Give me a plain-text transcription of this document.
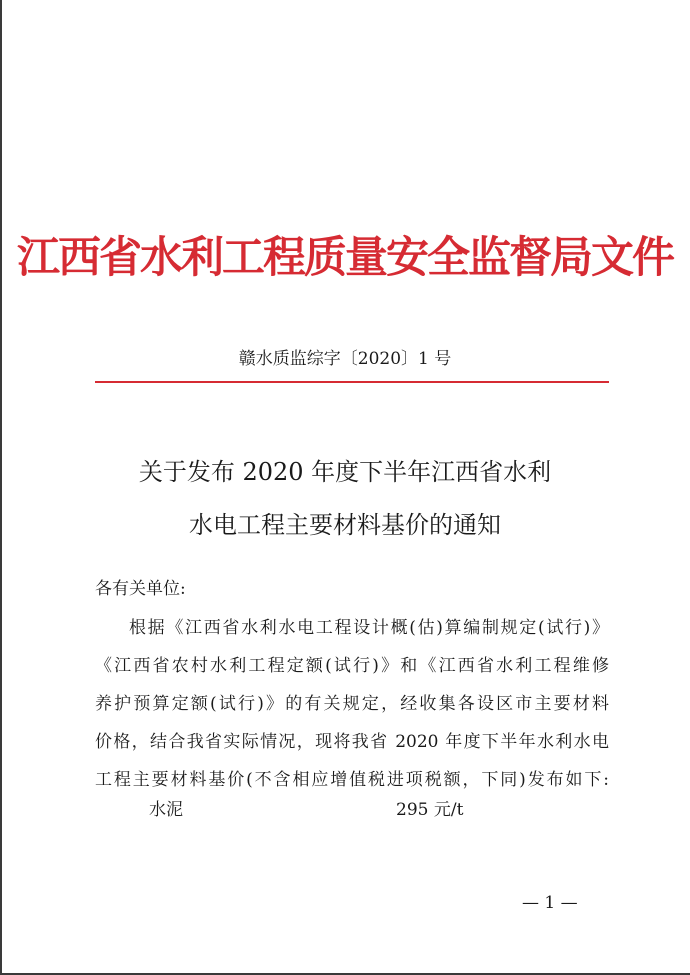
江西省水利工程质量安全监督局文件
赣水质监综字〔2020〕1 号
关于发布 2020 年度下半年江西省水利
水电工程主要材料基价的通知
各有关单位:
根据《江西省水利水电工程设计概(估)算编制规定(试行)》
《江西省农村水利工程定额(试行)》和《江西省水利工程维修
养护预算定额(试行)》的有关规定，经收集各设区市主要材料
价格，结合我省实际情况，现将我省 2020 年度下半年水利水电
工程主要材料基价(不含相应增值税进项税额，下同)发布如下:
水泥	295 元/t
— 1 —
